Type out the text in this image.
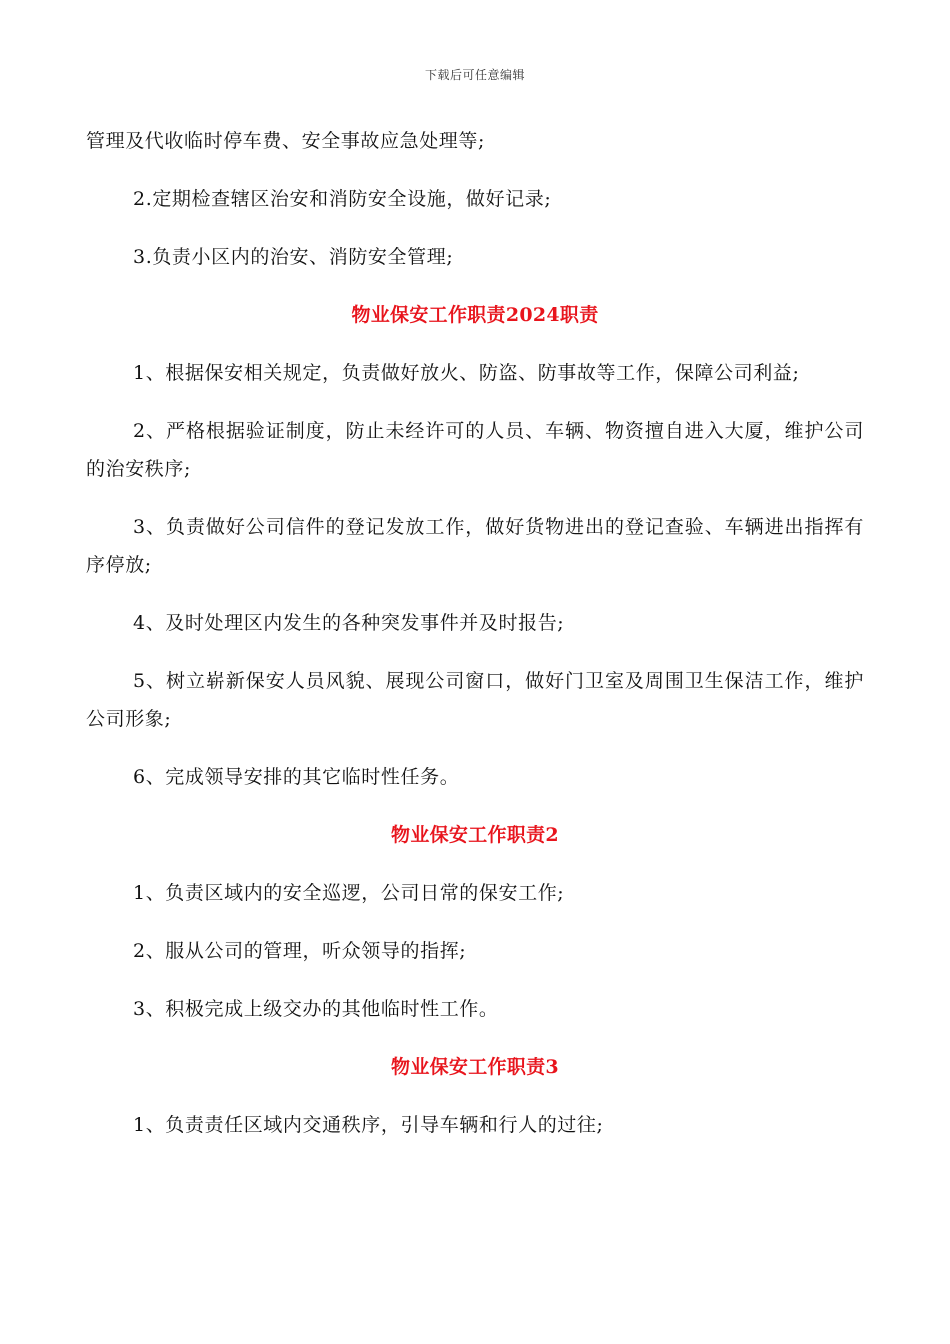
下载后可任意编辑

管理及代收临时停车费、安全事故应急处理等;

2.定期检查辖区治安和消防安全设施，做好记录;

3.负责小区内的治安、消防安全管理;

物业保安工作职责2024职责

1、根据保安相关规定，负责做好放火、防盗、防事故等工作，保障公司利益;

2、严格根据验证制度，防止未经许可的人员、车辆、物资擅自进入大厦，维护公司的治安秩序;

3、负责做好公司信件的登记发放工作，做好货物进出的登记查验、车辆进出指挥有序停放;

4、及时处理区内发生的各种突发事件并及时报告;

5、树立崭新保安人员风貌、展现公司窗口，做好门卫室及周围卫生保洁工作，维护公司形象;

6、完成领导安排的其它临时性任务。

物业保安工作职责2

1、负责区域内的安全巡逻，公司日常的保安工作;

2、服从公司的管理，听众领导的指挥;

3、积极完成上级交办的其他临时性工作。

物业保安工作职责3

1、负责责任区域内交通秩序，引导车辆和行人的过往;
